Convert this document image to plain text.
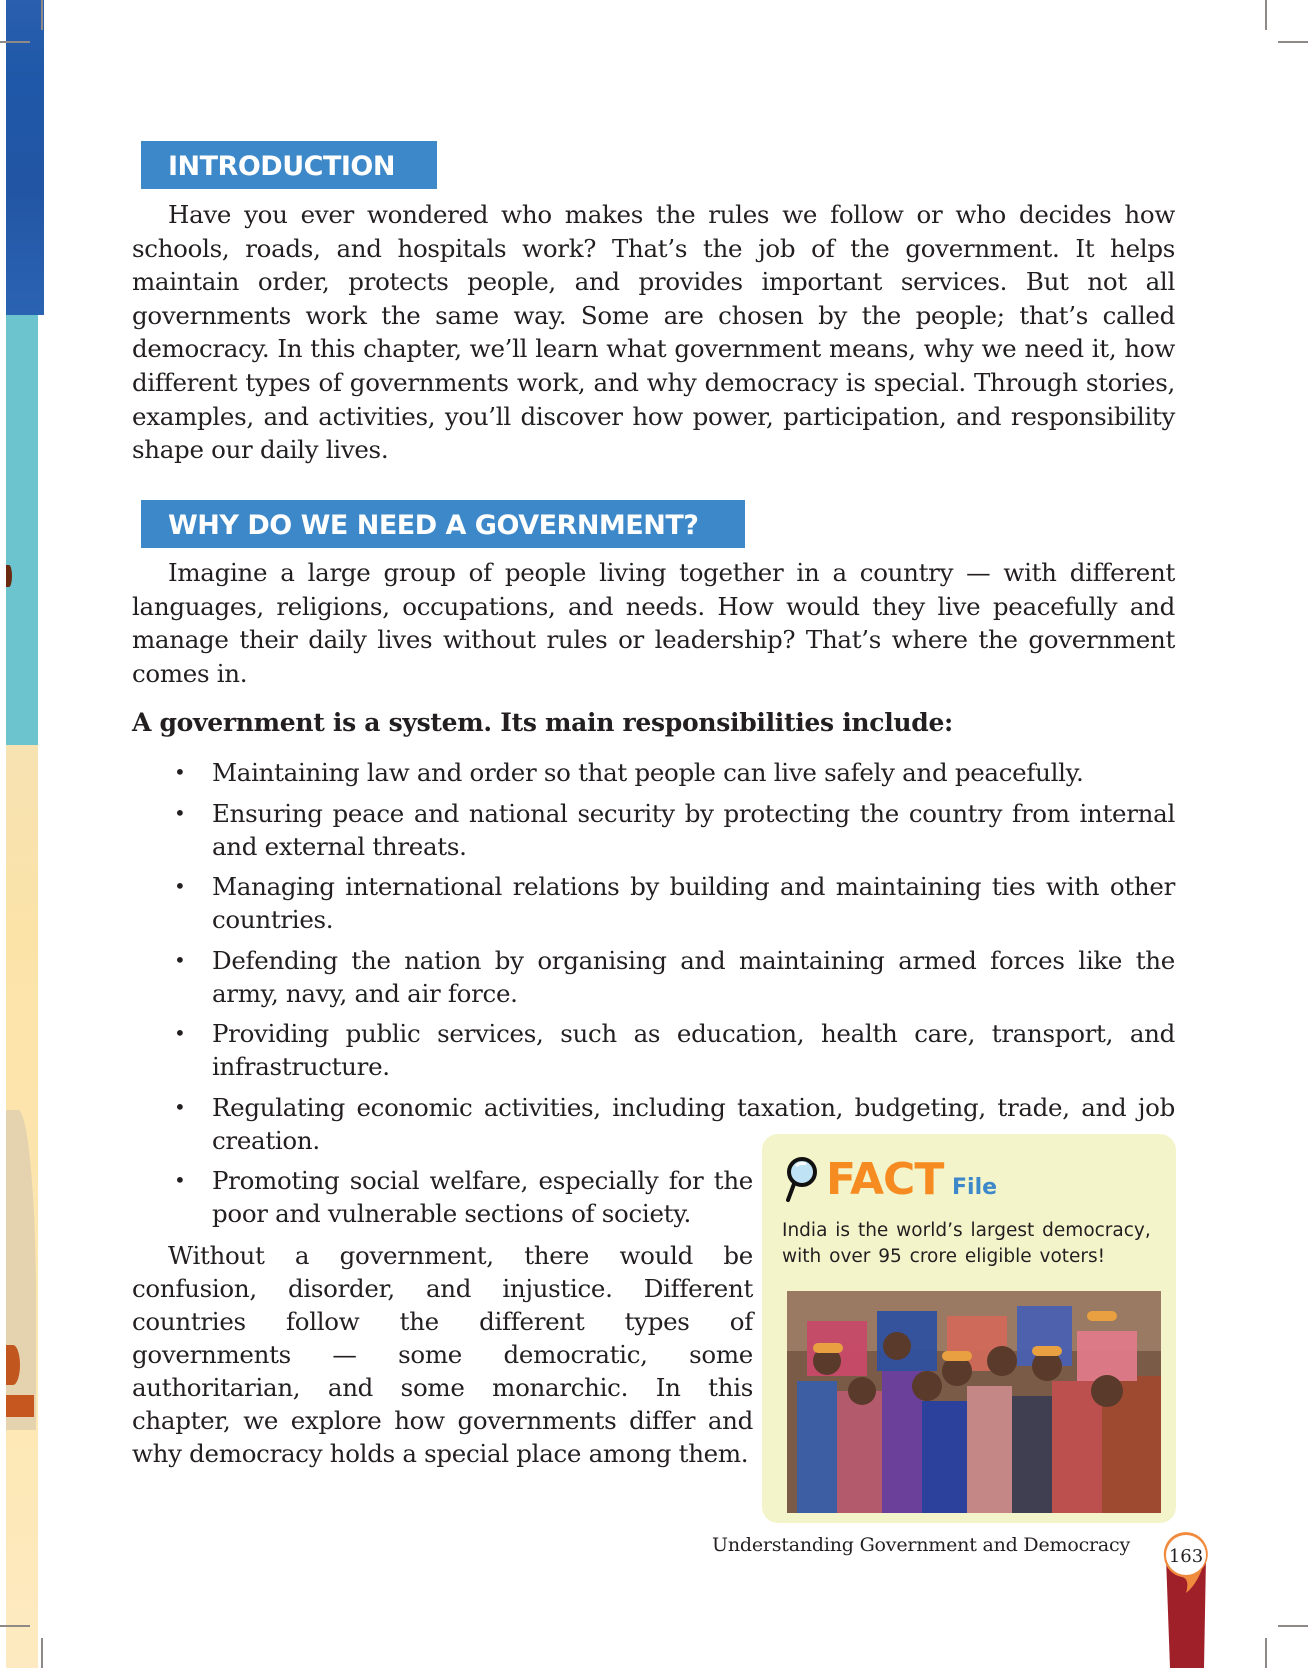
INTRODUCTION

Have you ever wondered who makes the rules we follow or who decides how schools, roads, and hospitals work? That’s the job of the government. It helps maintain order, protects people, and provides important services. But not all governments work the same way. Some are chosen by the people; that’s called democracy. In this chapter, we’ll learn what government means, why we need it, how different types of governments work, and why democracy is special. Through stories, examples, and activities, you’ll discover how power, participation, and responsibility shape our daily lives.

WHY DO WE NEED A GOVERNMENT?

Imagine a large group of people living together in a country — with different languages, religions, occupations, and needs. How would they live peacefully and manage their daily lives without rules or leadership? That’s where the government comes in.

A government is a system. Its main responsibilities include:
• Maintaining law and order so that people can live safely and peacefully.
• Ensuring peace and national security by protecting the country from internal and external threats.
• Managing international relations by building and maintaining ties with other countries.
• Defending the nation by organising and maintaining armed forces like the army, navy, and air force.
• Providing public services, such as education, health care, transport, and infrastructure.
• Regulating economic activities, including taxation, budgeting, trade, and job creation.
• Promoting social welfare, especially for the poor and vulnerable sections of society.

Without a government, there would be confusion, disorder, and injustice. Different countries follow the different types of governments — some democratic, some authoritarian, and some monarchic. In this chapter, we explore how governments differ and why democracy holds a special place among them.

FACT File
India is the world’s largest democracy, with over 95 crore eligible voters!
Understanding Government and Democracy
163
